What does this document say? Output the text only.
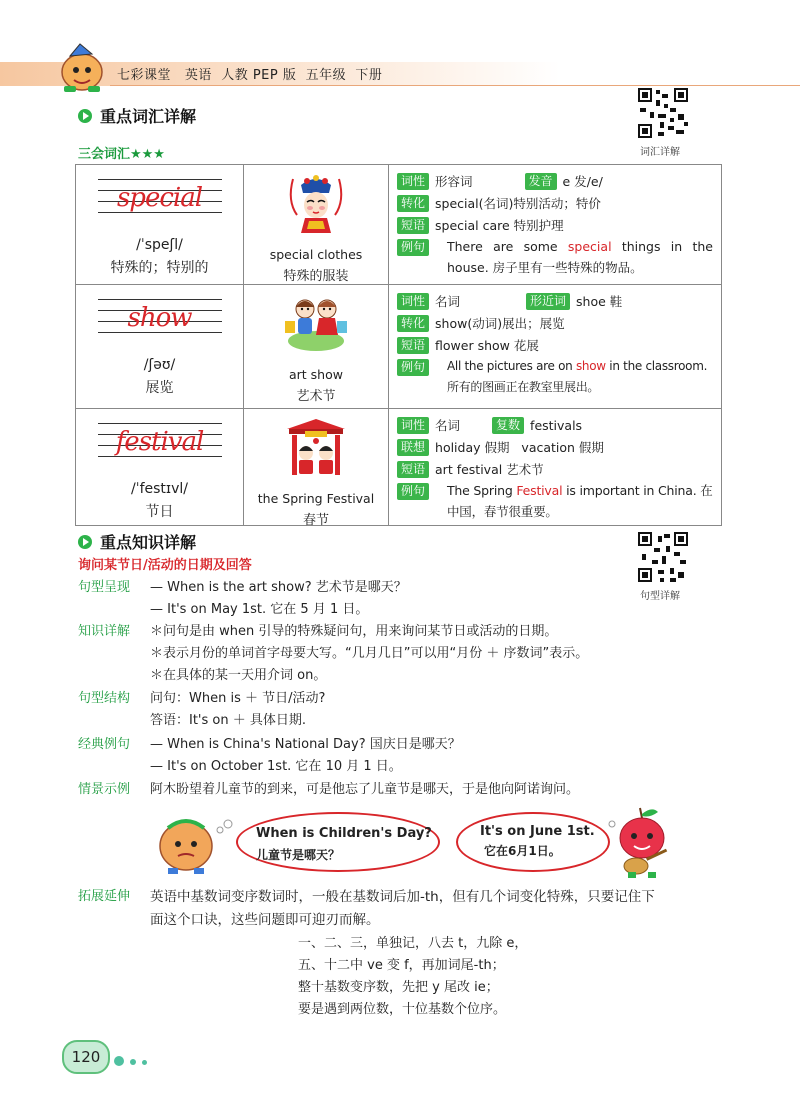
七彩课堂 英语 人教 PEP 版 五年级 下册
重点词汇详解
词汇详解
三会词汇★★★
special
/ˈspeʃl/
特殊的；特别的
special clothes
特殊的服装
词性 形容词	发音 e 发/e/
转化 special(名词)特别活动；特价
短语 special care 特别护理
例句	There are some special things in the house. 房子里有一些特殊的物品。
show
/ʃəʊ/
展览
art show
艺术节
词性 名词	形近词 shoe 鞋
转化 show(动词)展出；展览
短语 flower show 花展
例句	All the pictures are on show in the classroom. 所有的图画正在教室里展出。
festival
/ˈfestɪvl/
节日
the Spring Festival
春节
词性 名词	复数 festivals
联想 holiday 假期   vacation 假期
短语 art festival 艺术节
例句	The Spring Festival is important in China. 在中国，春节很重要。
重点知识详解
句型详解
询问某节日/活动的日期及回答
句型呈现 — When is the art show? 艺术节是哪天？
— It's on May 1st. 它在 5 月 1 日。
知识详解 ＊问句是由 when 引导的特殊疑问句，用来询问某节日或活动的日期。
＊表示月份的单词首字母要大写。“几月几日”可以用“月份 ＋ 序数词”表示。
＊在具体的某一天用介词 on。
句型结构 问句：When is ＋ 节日/活动?
答语：It's on ＋ 具体日期.
经典例句 — When is China's National Day? 国庆日是哪天？
— It's on October 1st. 它在 10 月 1 日。
情景示例 阿木盼望着儿童节的到来，可是他忘了儿童节是哪天，于是他向阿诺询问。
When is Children's Day?
儿童节是哪天？
It's on June 1st.
它在6月1日。
拓展延伸 英语中基数词变序数词时，一般在基数词后加-th，但有几个词变化特殊，只要记住下
面这个口诀，这些问题即可迎刃而解。
一、二、三，单独记，八去 t，九除 e，
五、十二中 ve 变 f，再加词尾-th；
整十基数变序数，先把 y 尾改 ie；
要是遇到两位数，十位基数个位序。
120
